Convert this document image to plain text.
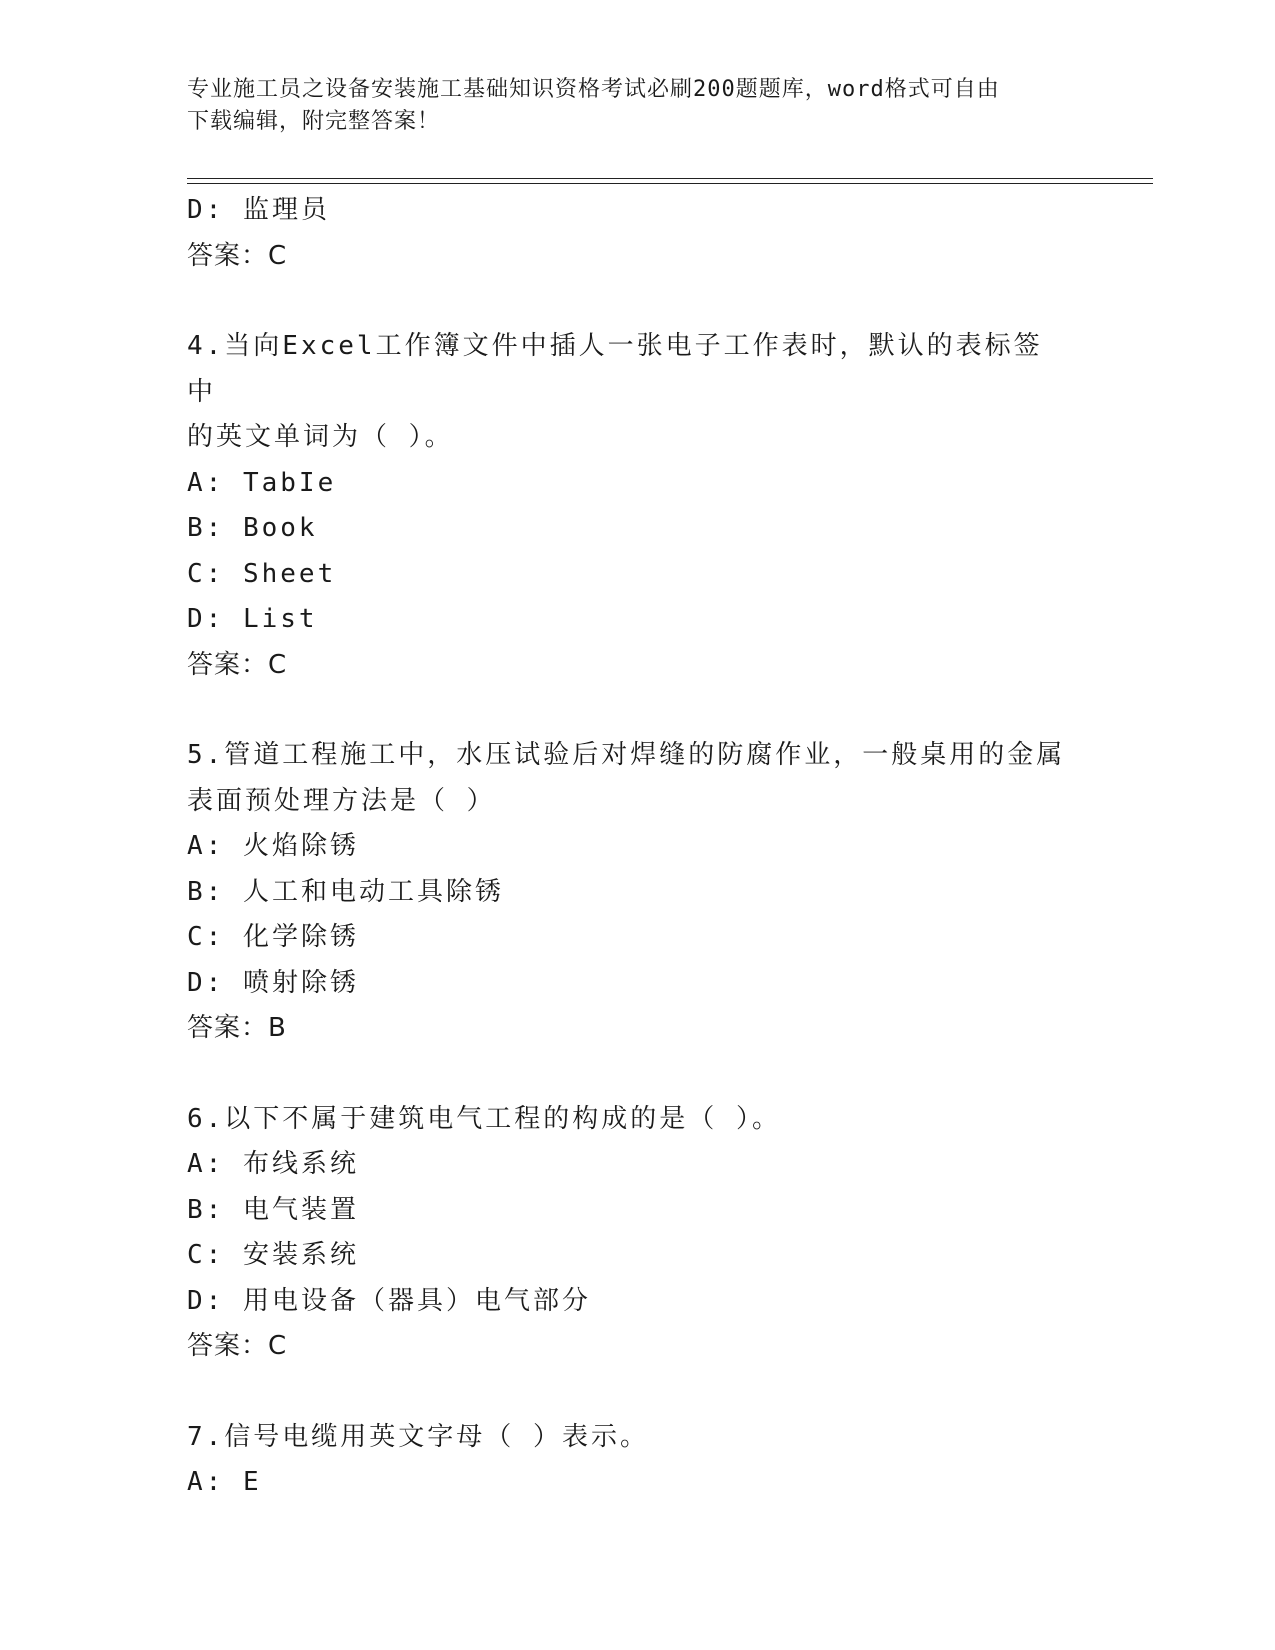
专业施工员之设备安装施工基础知识资格考试必刷200题题库，word格式可自由
下载编辑，附完整答案！
D: 监理员
答案：C
4.当向Excel工作簿文件中插人一张电子工作表时，默认的表标签中
的英文单词为（ ）。
A: TabIe
B: Book
C: Sheet
D: List
答案：C
5.管道工程施工中，水压试验后对焊缝的防腐作业，一般桌用的金属
表面预处理方法是（ ）
A: 火焰除锈
B: 人工和电动工具除锈
C: 化学除锈
D: 喷射除锈
答案：B
6.以下不属于建筑电气工程的构成的是（ ）。
A: 布线系统
B: 电气装置
C: 安装系统
D: 用电设备（器具）电气部分
答案：C
7.信号电缆用英文字母（ ）表示。
A: E
